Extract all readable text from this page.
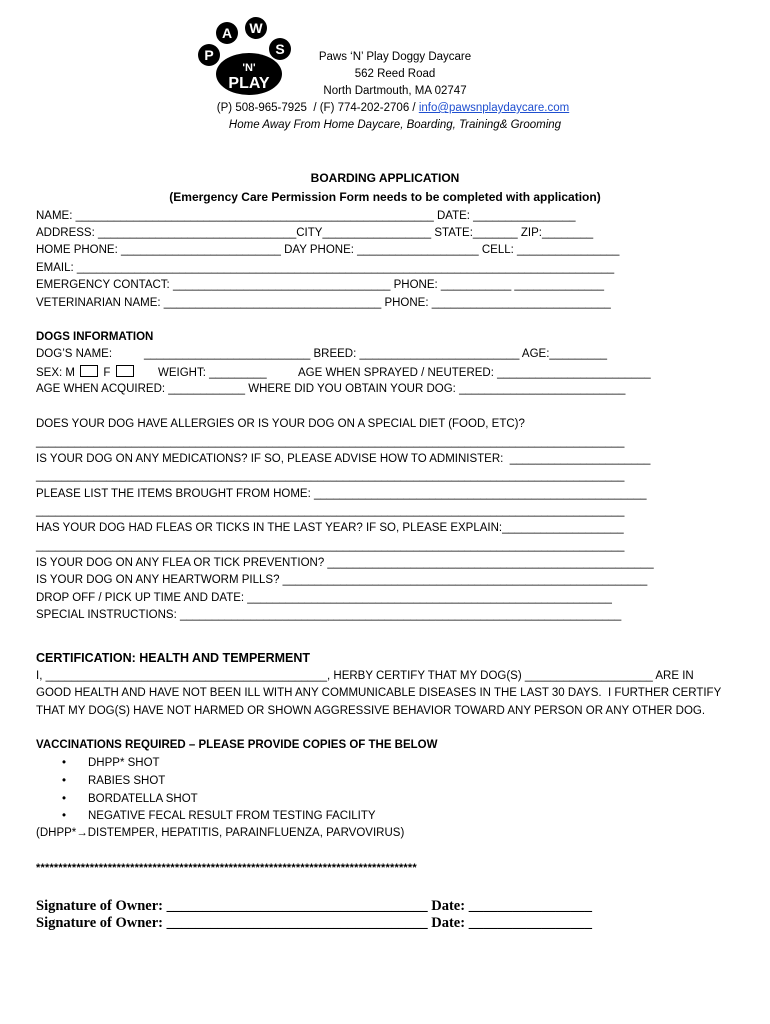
A W
P	S
'N'
PLAY
Paws ‘N’ Play Doggy Daycare
562 Reed Road
North Dartmouth, MA 02747
(P) 508-965-7925  / (F) 774-202-2706 / info@pawsnplaydaycare.com
Home Away From Home Daycare, Boarding, Training& Grooming
BOARDING APPLICATION
(Emergency Care Permission Form needs to be completed with application)
NAME: ________________________________________________________ DATE: ________________
ADDRESS: _______________________________CITY_________________ STATE:_______ ZIP:________
HOME PHONE: _________________________ DAY PHONE: ___________________ CELL: ________________
EMAIL: ____________________________________________________________________________________
EMERGENCY CONTACT: __________________________________ PHONE: ___________ ______________
VETERINARIAN NAME: __________________________________ PHONE: ____________________________
DOGS INFORMATION
DOG’S NAME:          __________________________ BREED: _________________________ AGE:_________
SEX: M  F        WEIGHT: _________          AGE WHEN SPRAYED / NEUTERED: ________________________
AGE WHEN ACQUIRED: ____________ WHERE DID YOU OBTAIN YOUR DOG: __________________________
DOES YOUR DOG HAVE ALLERGIES OR IS YOUR DOG ON A SPECIAL DIET (FOOD, ETC)?
____________________________________________________________________________________________
IS YOUR DOG ON ANY MEDICATIONS? IF SO, PLEASE ADVISE HOW TO ADMINISTER:  ______________________
____________________________________________________________________________________________
PLEASE LIST THE ITEMS BROUGHT FROM HOME: ____________________________________________________
____________________________________________________________________________________________
HAS YOUR DOG HAD FLEAS OR TICKS IN THE LAST YEAR? IF SO, PLEASE EXPLAIN:___________________
____________________________________________________________________________________________
IS YOUR DOG ON ANY FLEA OR TICK PREVENTION? ___________________________________________________
IS YOUR DOG ON ANY HEARTWORM PILLS? _________________________________________________________
DROP OFF / PICK UP TIME AND DATE: _________________________________________________________
SPECIAL INSTRUCTIONS: _____________________________________________________________________
CERTIFICATION: HEALTH AND TEMPERMENT
I, ____________________________________________, HERBY CERTIFY THAT MY DOG(S) ____________________ ARE IN
GOOD HEALTH AND HAVE NOT BEEN ILL WITH ANY COMMUNICABLE DISEASES IN THE LAST 30 DAYS.  I FURTHER CERTIFY
THAT MY DOG(S) HAVE NOT HARMED OR SHOWN AGGRESSIVE BEHAVIOR TOWARD ANY PERSON OR ANY OTHER DOG.
VACCINATIONS REQUIRED – PLEASE PROVIDE COPIES OF THE BELOW
• DHPP* SHOT
• RABIES SHOT
• BORDATELLA SHOT
• NEGATIVE FECAL RESULT FROM TESTING FACILITY
(DHPP*→DISTEMPER, HEPATITIS, PARAINFLUENZA, PARVOVIRUS)
*************************************************************************************
Signature of Owner: ____________________________________ Date: _________________
Signature of Owner: ____________________________________ Date: _________________
